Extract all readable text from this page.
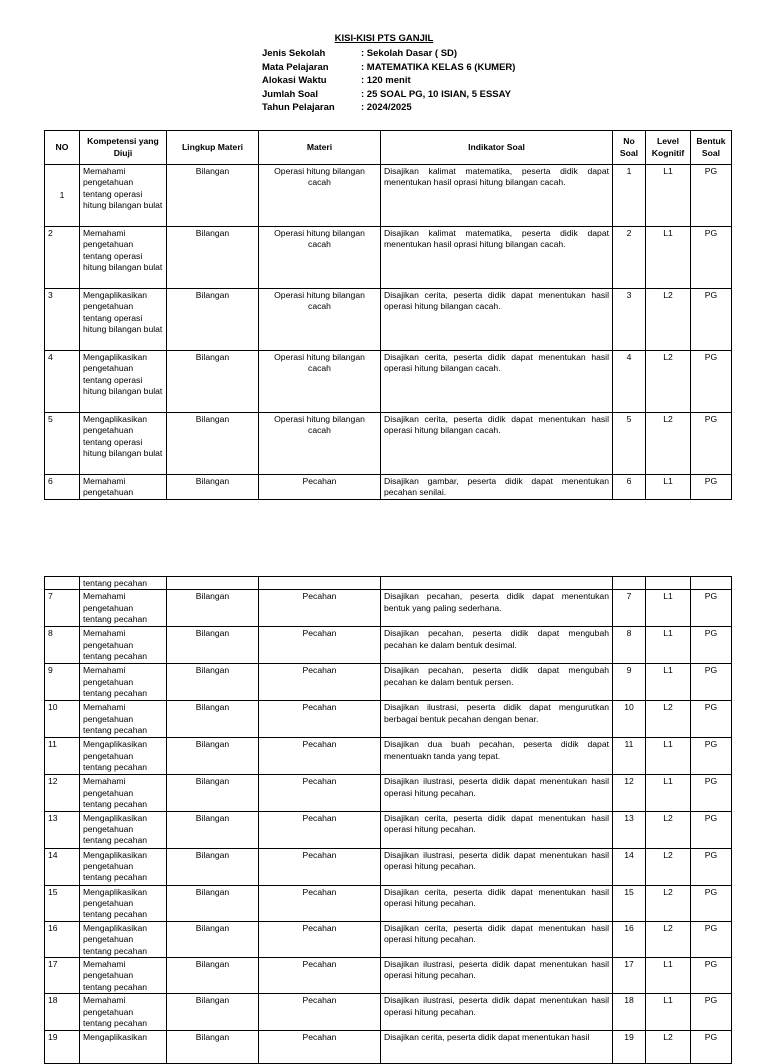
KISI-KISI PTS GANJIL
Jenis Sekolah	: Sekolah Dasar ( SD)
Mata Pelajaran	: MATEMATIKA KELAS 6 (KUMER)
Alokasi Waktu	: 120 menit
Jumlah Soal	: 25 SOAL PG, 10 ISIAN, 5 ESSAY
Tahun Pelajaran	: 2024/2025
NO	Kompetensi yang Diuji	Lingkup Materi	Materi	Indikator Soal	No Soal	Level Kognitif	Bentuk Soal
1	Memahami pengetahuan tentang operasi hitung bilangan bulat	Bilangan	Operasi hitung bilangan cacah	Disajikan kalimat matematika, peserta didik dapat menentukan hasil oprasi hitung bilangan cacah.	1	L1	PG
2	Memahami pengetahuan tentang operasi hitung bilangan bulat	Bilangan	Operasi hitung bilangan cacah	Disajikan kalimat matematika, peserta didik dapat menentukan hasil oprasi hitung bilangan cacah.	2	L1	PG
3	Mengaplikasikan pengetahuan tentang operasi hitung bilangan bulat	Bilangan	Operasi hitung bilangan cacah	Disajikan cerita, peserta didik dapat menentukan hasil operasi hitung bilangan cacah.	3	L2	PG
4	Mengaplikasikan pengetahuan tentang operasi hitung bilangan bulat	Bilangan	Operasi hitung bilangan cacah	Disajikan cerita, peserta didik dapat menentukan hasil operasi hitung bilangan cacah.	4	L2	PG
5	Mengaplikasikan pengetahuan tentang operasi hitung bilangan bulat	Bilangan	Operasi hitung bilangan cacah	Disajikan cerita, peserta didik dapat menentukan hasil operasi hitung bilangan cacah.	5	L2	PG
6	Memahami pengetahuan	Bilangan	Pecahan	Disajikan gambar, peserta didik dapat menentukan pecahan senilai.	6	L1	PG
	tentang pecahan						
7	Memahami pengetahuan tentang pecahan	Bilangan	Pecahan	Disajikan pecahan, peserta didik dapat menentukan bentuk yang paling sederhana.	7	L1	PG
8	Memahami pengetahuan tentang pecahan	Bilangan	Pecahan	Disajikan pecahan, peserta didik dapat mengubah pecahan ke dalam bentuk desimal.	8	L1	PG
9	Memahami pengetahuan tentang pecahan	Bilangan	Pecahan	Disajikan pecahan, peserta didik dapat mengubah pecahan ke dalam bentuk persen.	9	L1	PG
10	Memahami pengetahuan tentang pecahan	Bilangan	Pecahan	Disajikan ilustrasi, peserta didik dapat mengurutkan berbagai bentuk pecahan dengan benar.	10	L2	PG
11	Mengaplikasikan pengetahuan tentang pecahan	Bilangan	Pecahan	Disajikan dua buah pecahan, peserta didik dapat menentuakn tanda yang tepat.	11	L1	PG
12	Memahami pengetahuan tentang pecahan	Bilangan	Pecahan	Disajikan ilustrasi, peserta didik dapat menentukan hasil operasi hitung pecahan.	12	L1	PG
13	Mengaplikasikan pengetahuan tentang pecahan	Bilangan	Pecahan	Disajikan cerita, peserta didik dapat menentukan hasil operasi hitung pecahan.	13	L2	PG
14	Mengaplikasikan pengetahuan tentang pecahan	Bilangan	Pecahan	Disajikan ilustrasi, peserta didik dapat menentukan hasil operasi hitung pecahan.	14	L2	PG
15	Mengaplikasikan pengetahuan tentang pecahan	Bilangan	Pecahan	Disajikan cerita, peserta didik dapat menentukan hasil operasi hitung pecahan.	15	L2	PG
16	Mengaplikasikan pengetahuan tentang pecahan	Bilangan	Pecahan	Disajikan cerita, peserta didik dapat menentukan hasil operasi hitung pecahan.	16	L2	PG
17	Memahami pengetahuan tentang pecahan	Bilangan	Pecahan	Disajikan ilustrasi, peserta didik dapat menentukan hasil operasi hitung pecahan.	17	L1	PG
18	Memahami pengetahuan tentang pecahan	Bilangan	Pecahan	Disajikan ilustrasi, peserta didik dapat menentukan hasil operasi hitung pecahan.	18	L1	PG
19	Mengaplikasikan	Bilangan	Pecahan	Disajikan cerita, peserta didik dapat menentukan hasil	19	L2	PG
